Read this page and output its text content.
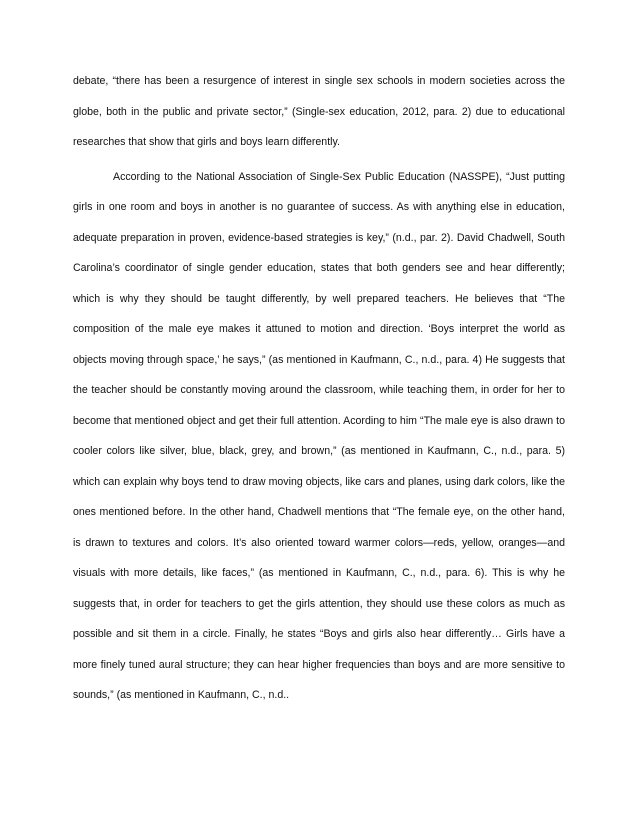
debate, “there has been a resurgence of interest in single sex schools in modern societies across the globe, both in the public and private sector,” (Single-sex education, 2012, para. 2) due to educational researches that show that girls and boys learn differently.

According to the National Association of Single-Sex Public Education (NASSPE), “Just putting girls in one room and boys in another is no guarantee of success. As with anything else in education, adequate preparation in proven, evidence-based strategies is key,” (n.d., par. 2). David Chadwell, South Carolina’s coordinator of single gender education, states that both genders see and hear differently; which is why they should be taught differently, by well prepared teachers. He believes that “The composition of the male eye makes it attuned to motion and direction. ‘Boys interpret the world as objects moving through space,’ he says,” (as mentioned in Kaufmann, C., n.d., para. 4) He suggests that the teacher should be constantly moving around the classroom, while teaching them, in order for her to become that mentioned object and get their full attention. Acording to him “The male eye is also drawn to cooler colors like silver, blue, black, grey, and brown,” (as mentioned in Kaufmann, C., n.d., para. 5) which can explain why boys tend to draw moving objects, like cars and planes, using dark colors, like the ones mentioned before. In the other hand, Chadwell mentions that “The female eye, on the other hand, is drawn to textures and colors. It’s also oriented toward warmer colors—reds, yellow, oranges—and visuals with more details, like faces,” (as mentioned in Kaufmann, C., n.d., para. 6). This is why he suggests that, in order for teachers to get the girls attention, they should use these colors as much as possible and sit them in a circle. Finally, he states “Boys and girls also hear differently… Girls have a more finely tuned aural structure; they can hear higher frequencies than boys and are more sensitive to sounds,” (as mentioned in Kaufmann, C., n.d..
